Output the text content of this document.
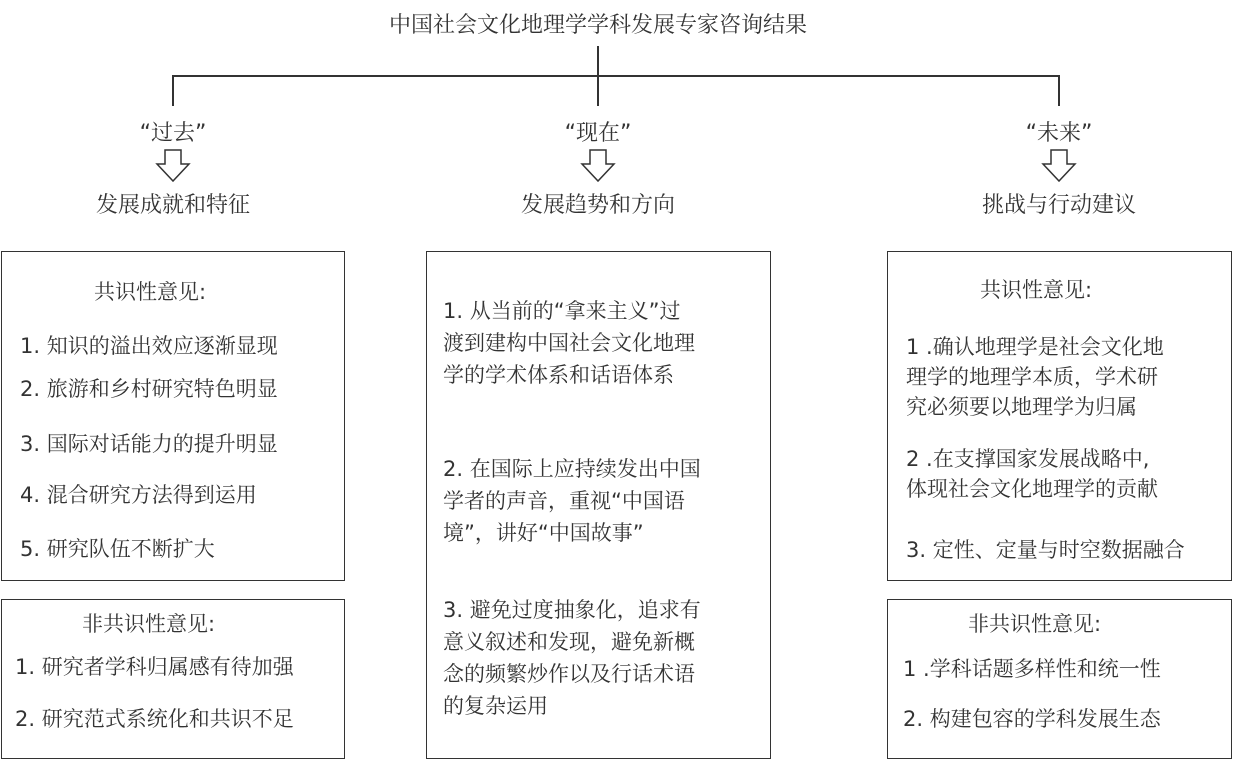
中国社会文化地理学学科发展专家咨询结果
“过去”	“现在”	“未来”
发展成就和特征	发展趋势和方向	挑战与行动建议
共识性意见:
1. 知识的溢出效应逐渐显现
2. 旅游和乡村研究特色明显
3. 国际对话能力的提升明显
4. 混合研究方法得到运用
5. 研究队伍不断扩大
非共识性意见:
1. 研究者学科归属感有待加强
2. 研究范式系统化和共识不足
1. 从当前的“拿来主义”过
渡到建构中国社会文化地理
学的学术体系和话语体系
2. 在国际上应持续发出中国
学者的声音，重视“中国语
境”，讲好“中国故事”
3. 避免过度抽象化，追求有
意义叙述和发现，避免新概
念的频繁炒作以及行话术语
的复杂运用
共识性意见:
1 .确认地理学是社会文化地
理学的地理学本质，学术研
究必须要以地理学为归属
2 .在支撑国家发展战略中,
体现社会文化地理学的贡献
3. 定性、定量与时空数据融合
非共识性意见:
1 .学科话题多样性和统一性
2. 构建包容的学科发展生态
